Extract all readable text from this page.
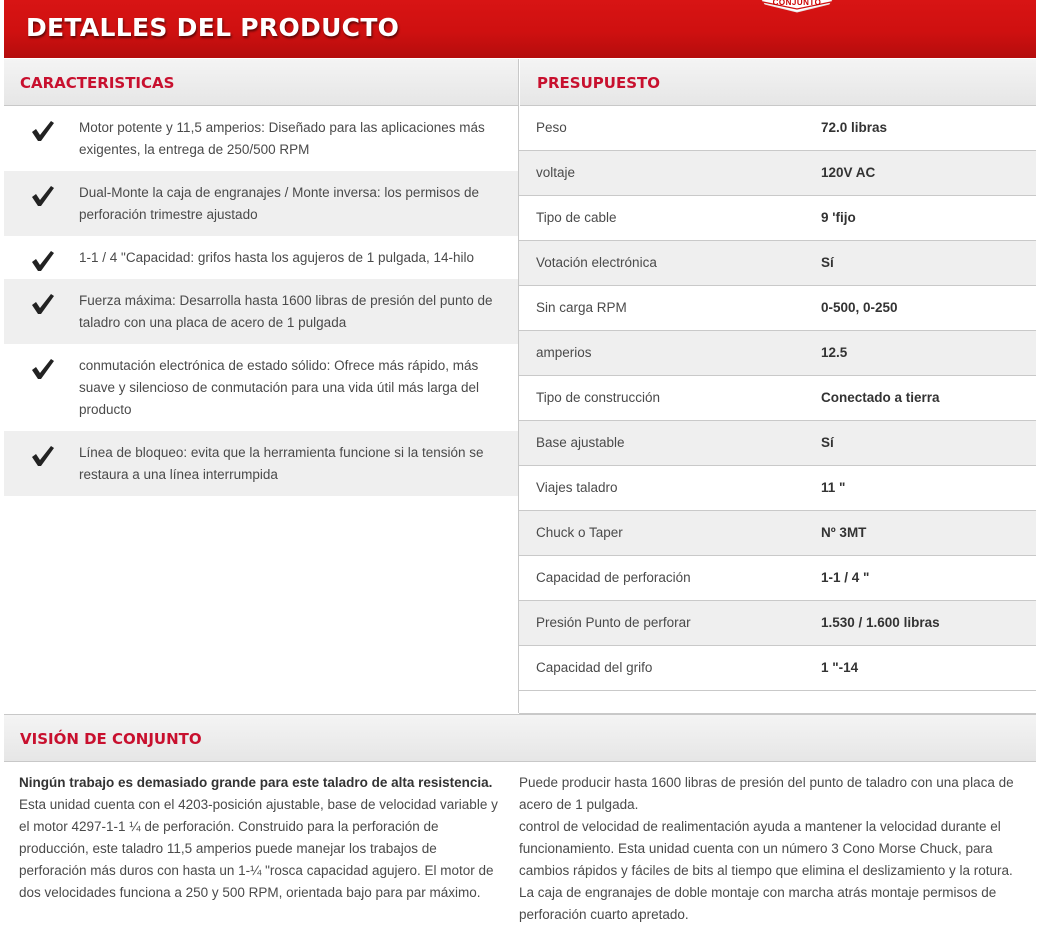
DETALLES DEL PRODUCTO
CARACTERISTICAS	PRESUPUESTO
Motor potente y 11,5 amperios: Diseñado para las aplicaciones más exigentes, la entrega de 250/500 RPM
Dual-Monte la caja de engranajes / Monte inversa: los permisos de perforación trimestre ajustado
1-1 / 4 "Capacidad: grifos hasta los agujeros de 1 pulgada, 14-hilo
Fuerza máxima: Desarrolla hasta 1600 libras de presión del punto de taladro con una placa de acero de 1 pulgada
conmutación electrónica de estado sólido: Ofrece más rápido, más suave y silencioso de conmutación para una vida útil más larga del producto
Línea de bloqueo: evita que la herramienta funcione si la tensión se restaura a una línea interrumpida
Peso	72.0 libras
voltaje	120V AC
Tipo de cable	9 'fijo
Votación electrónica	Sí
Sin carga RPM	0-500, 0-250
amperios	12.5
Tipo de construcción	Conectado a tierra
Base ajustable	Sí
Viajes taladro	11 "
Chuck o Taper	Nº 3MT
Capacidad de perforación	1-1 / 4 "
Presión Punto de perforar	1.530 / 1.600 libras
Capacidad del grifo	1 "-14
VISIÓN DE CONJUNTO
Ningún trabajo es demasiado grande para este taladro de alta resistencia. Esta unidad cuenta con el 4203-posición ajustable, base de velocidad variable y el motor 4297-1-1 ¼ de perforación. Construido para la perforación de producción, este taladro 11,5 amperios puede manejar los trabajos de perforación más duros con hasta un 1-¼ "rosca capacidad agujero. El motor de dos velocidades funciona a 250 y 500 RPM, orientada bajo para par máximo.
Puede producir hasta 1600 libras de presión del punto de taladro con una placa de acero de 1 pulgada.
control de velocidad de realimentación ayuda a mantener la velocidad durante el funcionamiento. Esta unidad cuenta con un número 3 Cono Morse Chuck, para cambios rápidos y fáciles de bits al tiempo que elimina el deslizamiento y la rotura. La caja de engranajes de doble montaje con marcha atrás montaje permisos de perforación cuarto apretado.
